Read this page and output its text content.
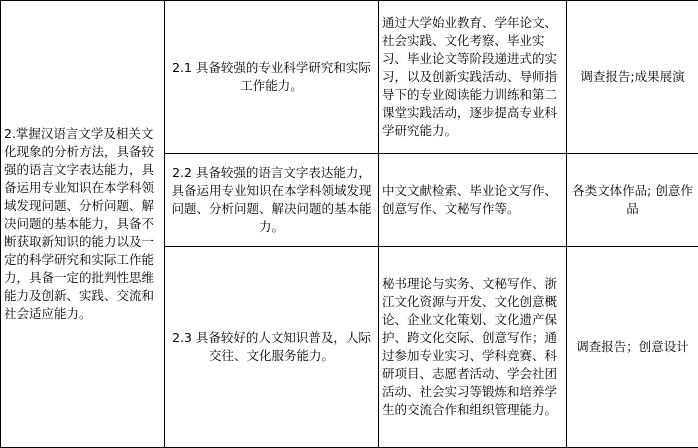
2.掌握汉语言文学及相关文化现象的分析方法，具备较强的语言文字表达能力，具备运用专业知识在本学科领域发现问题、分析问题、解决问题的基本能力，具备不断获取新知识的能力以及一定的科学研究和实际工作能力，具备一定的批判性思维能力及创新、实践、交流和社会适应能力。	2.1 具备较强的专业科学研究和实际工作能力。	通过大学始业教育、学年论文、社会实践、文化考察、毕业实习、毕业论文等阶段递进式的实习，以及创新实践活动、导师指导下的专业阅读能力训练和第二课堂实践活动，逐步提高专业科学研究能力。	调查报告;成果展演
	2.2 具备较强的语言文字表达能力，具备运用专业知识在本学科领域发现问题、分析问题、解决问题的基本能力。	中文文献检索、毕业论文写作、创意写作、文秘写作等。	各类文体作品; 创意作品
	2.3 具备较好的人文知识普及，人际交往、文化服务能力。	秘书理论与实务、文秘写作、浙江文化资源与开发、文化创意概论、企业文化策划、文化遗产保护、跨文化交际、创意写作；通过参加专业实习、学科竞赛、科研项目、志愿者活动、学会社团活动、社会实习等锻炼和培养学生的交流合作和组织管理能力。	调查报告；创意设计
